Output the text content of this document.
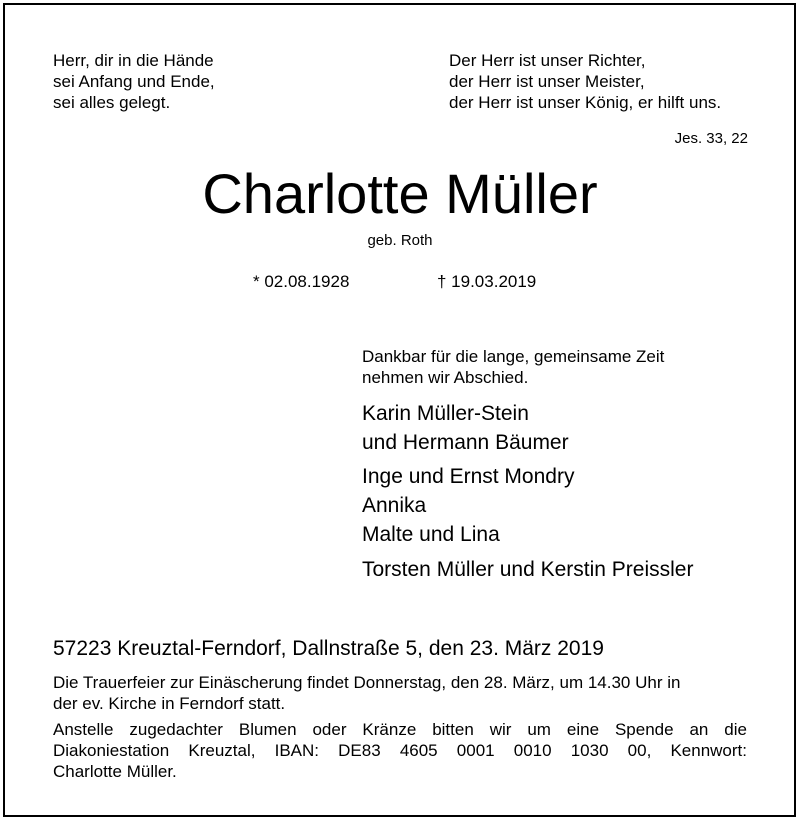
Herr, dir in die Hände
sei Anfang und Ende,
sei alles gelegt.
Der Herr ist unser Richter,
der Herr ist unser Meister,
der Herr ist unser König, er hilft uns.
Jes. 33, 22
Charlotte Müller
geb. Roth
* 02.08.1928	† 19.03.2019
Dankbar für die lange, gemeinsame Zeit
nehmen wir Abschied.
Karin Müller-Stein
und Hermann Bäumer
Inge und Ernst Mondry
Annika
Malte und Lina
Torsten Müller und Kerstin Preissler
57223 Kreuztal-Ferndorf, Dallnstraße 5, den 23. März 2019
Die Trauerfeier zur Einäscherung findet Donnerstag, den 28. März, um 14.30 Uhr in
der ev. Kirche in Ferndorf statt.
Anstelle zugedachter Blumen oder Kränze bitten wir um eine Spende an die
Diakoniestation Kreuztal, IBAN: DE83 4605 0001 0010 1030 00, Kennwort:
Charlotte Müller.
